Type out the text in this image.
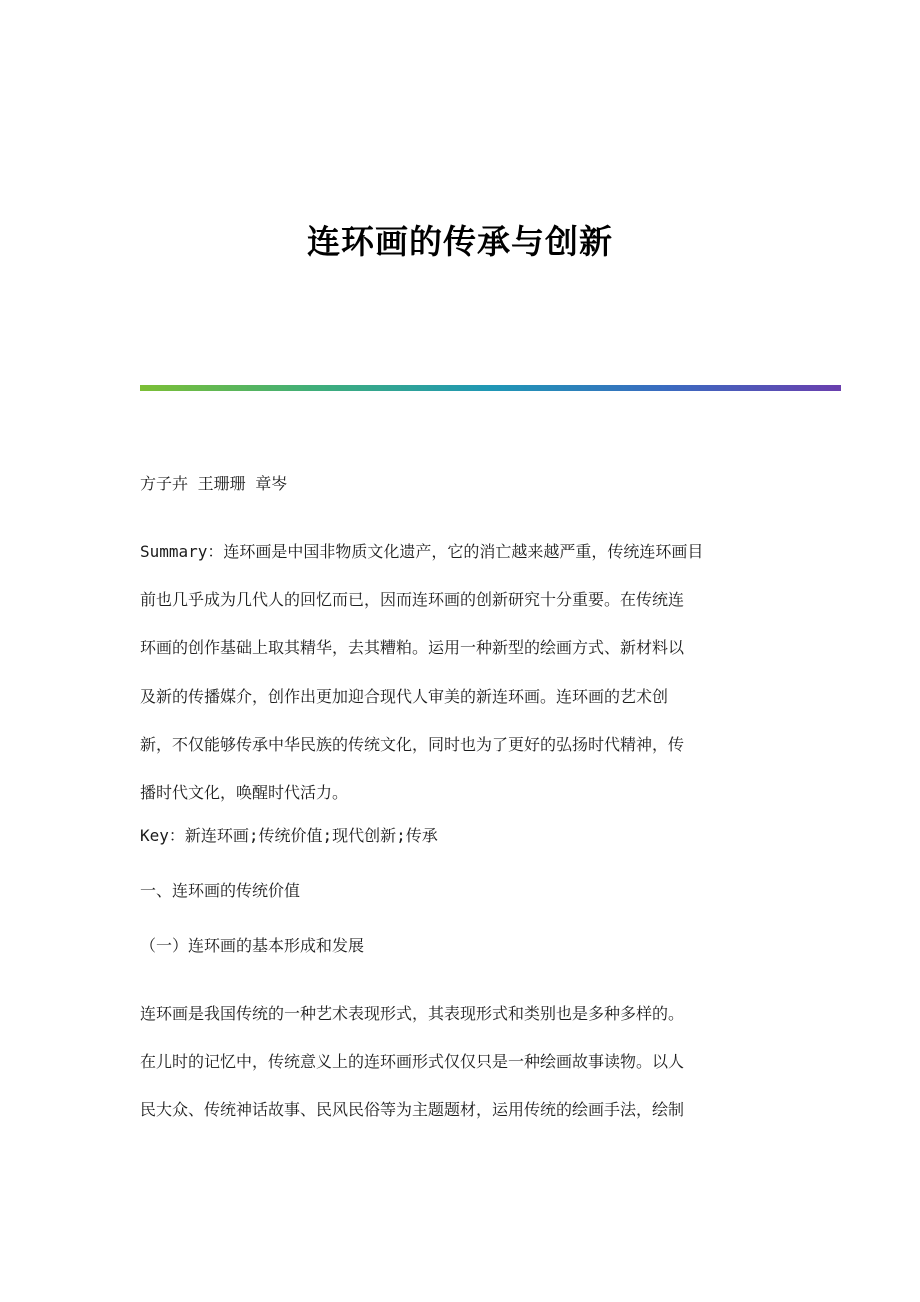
连环画的传承与创新
方子卉 王珊珊 章岑
Summary：连环画是中国非物质文化遗产，它的消亡越来越严重，传统连环画目
前也几乎成为几代人的回忆而已，因而连环画的创新研究十分重要。在传统连
环画的创作基础上取其精华，去其糟粕。运用一种新型的绘画方式、新材料以
及新的传播媒介，创作出更加迎合现代人审美的新连环画。连环画的艺术创
新，不仅能够传承中华民族的传统文化，同时也为了更好的弘扬时代精神，传
播时代文化，唤醒时代活力。
Key：新连环画;传统价值;现代创新;传承
一、连环画的传统价值
（一）连环画的基本形成和发展
连环画是我国传统的一种艺术表现形式，其表现形式和类别也是多种多样的。
在儿时的记忆中，传统意义上的连环画形式仅仅只是一种绘画故事读物。以人
民大众、传统神话故事、民风民俗等为主题题材，运用传统的绘画手法，绘制
